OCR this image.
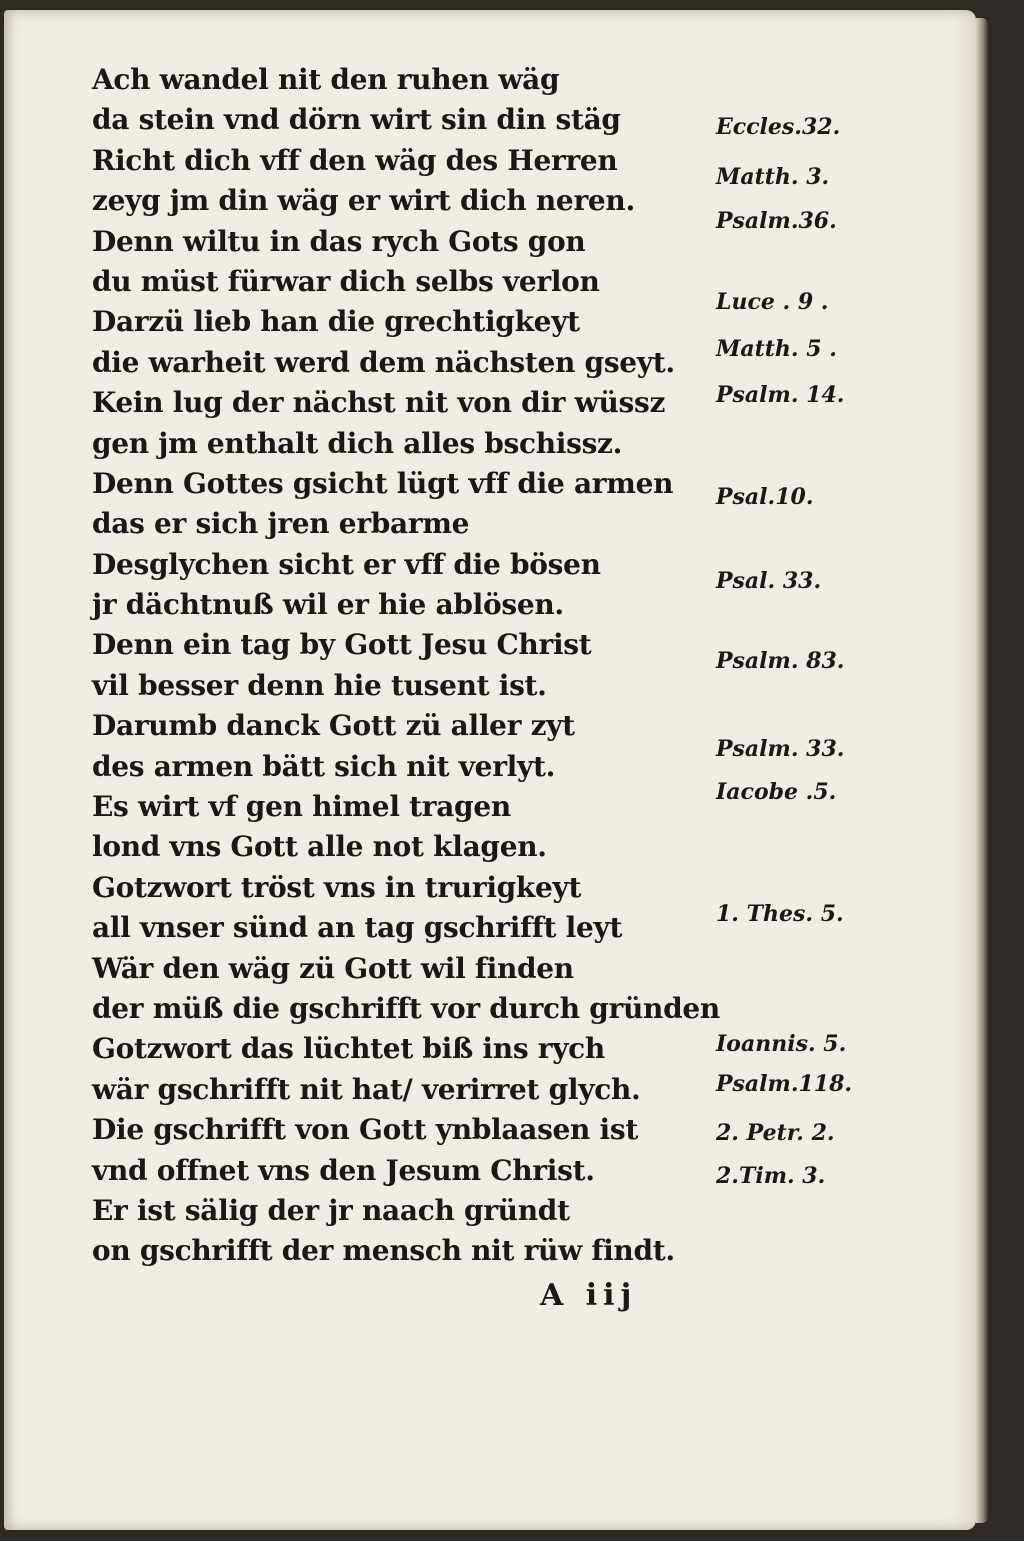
Ach wandel nit den ruhen wäg
da stein vnd dörn wirt sin din stäg
Richt dich vff den wäg des Herren
zeyg jm din wäg er wirt dich neren.
Denn wiltu in das rych Gots gon
du müst fürwar dich selbs verlon
Darzü lieb han die grechtigkeyt
die warheit werd dem nächsten gseyt.
Kein lug der nächst nit von dir wüssz
gen jm enthalt dich alles bschissz.
Denn Gottes gsicht lügt vff die armen
das er sich jren erbarme
Desglychen sicht er vff die bösen
jr dächtnuß wil er hie ablösen.
Denn ein tag by Gott Jesu Christ
vil besser denn hie tusent ist.
Darumb danck Gott zü aller zyt
des armen bätt sich nit verlyt.
Es wirt vf gen himel tragen
lond vns Gott alle not klagen.
Gotzwort tröst vns in trurigkeyt
all vnser sünd an tag gschrifft leyt
Wär den wäg zü Gott wil finden
der müß die gschrifft vor durch gründen
Gotzwort das lüchtet biß ins rych
wär gschrifft nit hat/ verirret glych.
Die gschrifft von Gott ynblaasen ist
vnd offnet vns den Jesum Christ.
Er ist sälig der jr naach gründt
on gschrifft der mensch nit rüw findt.
Eccles.32.
Matth. 3.
Psalm.36.
Luce . 9 .
Matth. 5 .
Psalm. 14.
Psal.10.
Psal. 33.
Psalm. 83.
Psalm. 33.
Iacobe .5.
1. Thes. 5.
Ioannis. 5.
Psalm.118.
2. Petr. 2.
2.Tim. 3.
A iij
